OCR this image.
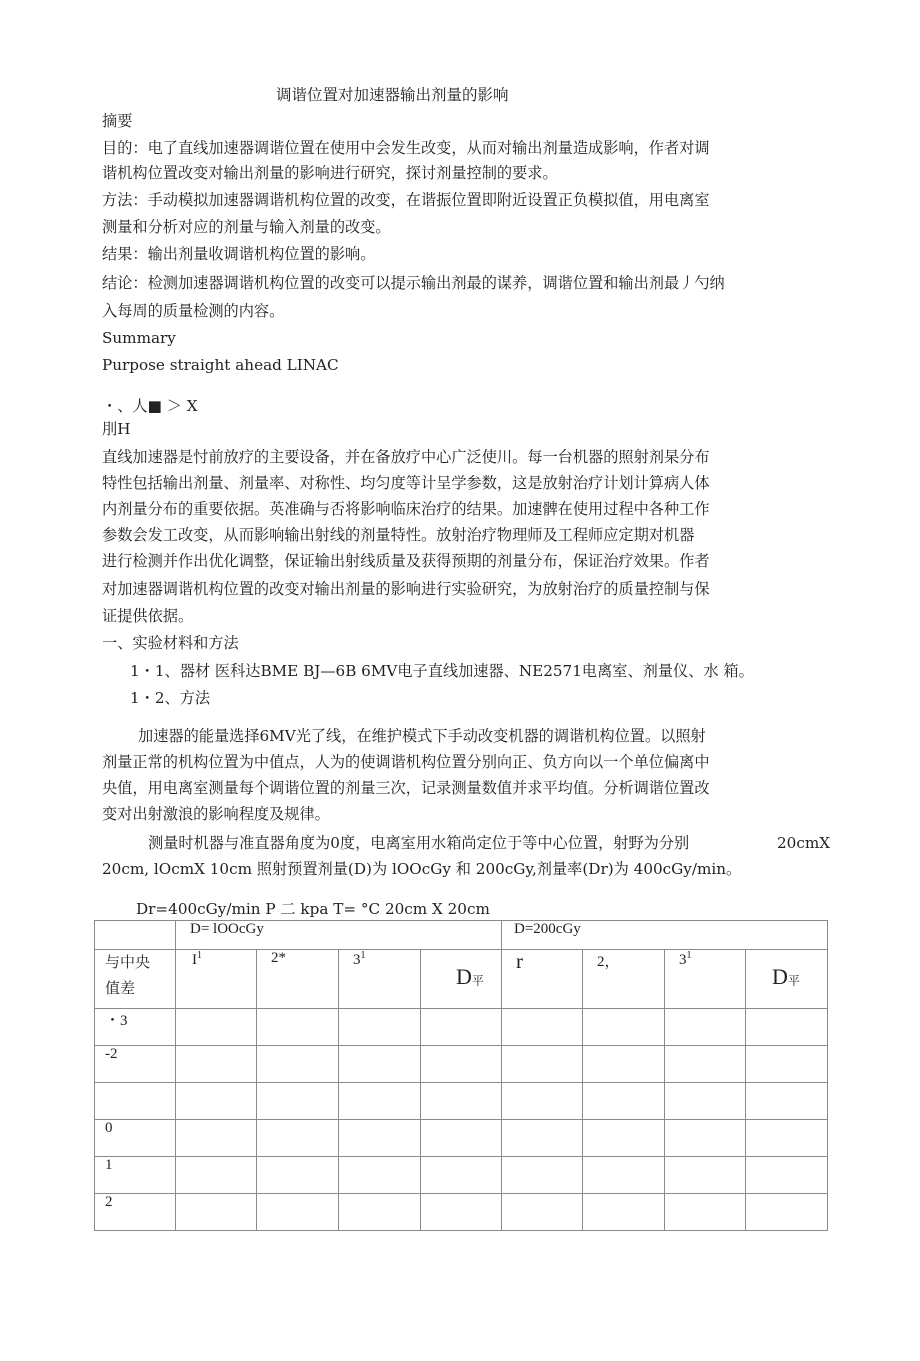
调谐位置对加速器输出剂量的影响
摘要
目的：电了直线加速器调谐位置在使用中会发生改变，从而对输出剂量造成影响，作者对调
谐机构位置改变对输出剂量的影响进行研究，探讨剂量控制的要求。
方法：手动模拟加速器调谐机构位置的改变，在谐振位置即附近设置正负模拟值，用电离室
测量和分析对应的剂量与输入剂量的改变。
结果：输出剂量收调谐机构位置的影响。
结论：检测加速器调谐机构位置的改变可以提示输出剂最的谋养，调谐位置和输出剂最丿勺纳
入每周的质量检测的内容。
Summary
Purpose straight ahead LINAC
・、人■ ＞ X
刖H
直线加速器是忖前放疗的主要设备，并在备放疗中心广泛使川。每一台机器的照射剂杲分布
特性包括输出剂量、剂量率、对称性、均匀度等计呈学参数，这是放射治疗计划计算病人体
内剂量分布的重要依据。英准确与否将影响临床治疗的结果。加速髀在使用过程中各种工作
参数会发工改变，从而影响输出射线的剂量特性。放射治疗物理师及工程师应定期对机器
进行检测并作出优化调整，保证输出射线质量及获得预期的剂量分布，保证治疗效果。作者
对加速器调谐机构位置的改变对输出剂量的影响进行实验研究，为放射治疗的质量控制与保
证提供依据。
一、实验材料和方法
1・1、器材 医科达BME BJ—6B 6MV电子直线加速器、NE2571电离室、剂量仪、水 箱。
1・2、方法
加速器的能量选择6MV光了线，在维护模式下手动改变机器的调谐机构位置。以照射
剂量正常的机构位置为中值点，人为的使调谐机构位置分别向正、负方向以一个单位偏离中
央值，用电离室测量每个调谐位置的剂量三次，记录测量数值并求平均值。分析调谐位置改
变对出射激浪的影响程度及规律。
测量时机器与准直器角度为0度，电离室用水箱尚定位于等中心位置，射野为分别	20cmX
20cm, lOcmX 10cm 照射预置剂量(D)为 lOOcGy 和 200cGy,剂量率(Dr)为 400cGy/min。
Dr=400cGy/min P 二 kpa T= °C 20cm X 20cm
	D= lOOcGy				D=200cGy			
与中央
值差	$I^1$	2*	$3^1$	$D_平$	r	2，	$3^1$	$D_平$
・3								
-2								

0								
1								
2								
